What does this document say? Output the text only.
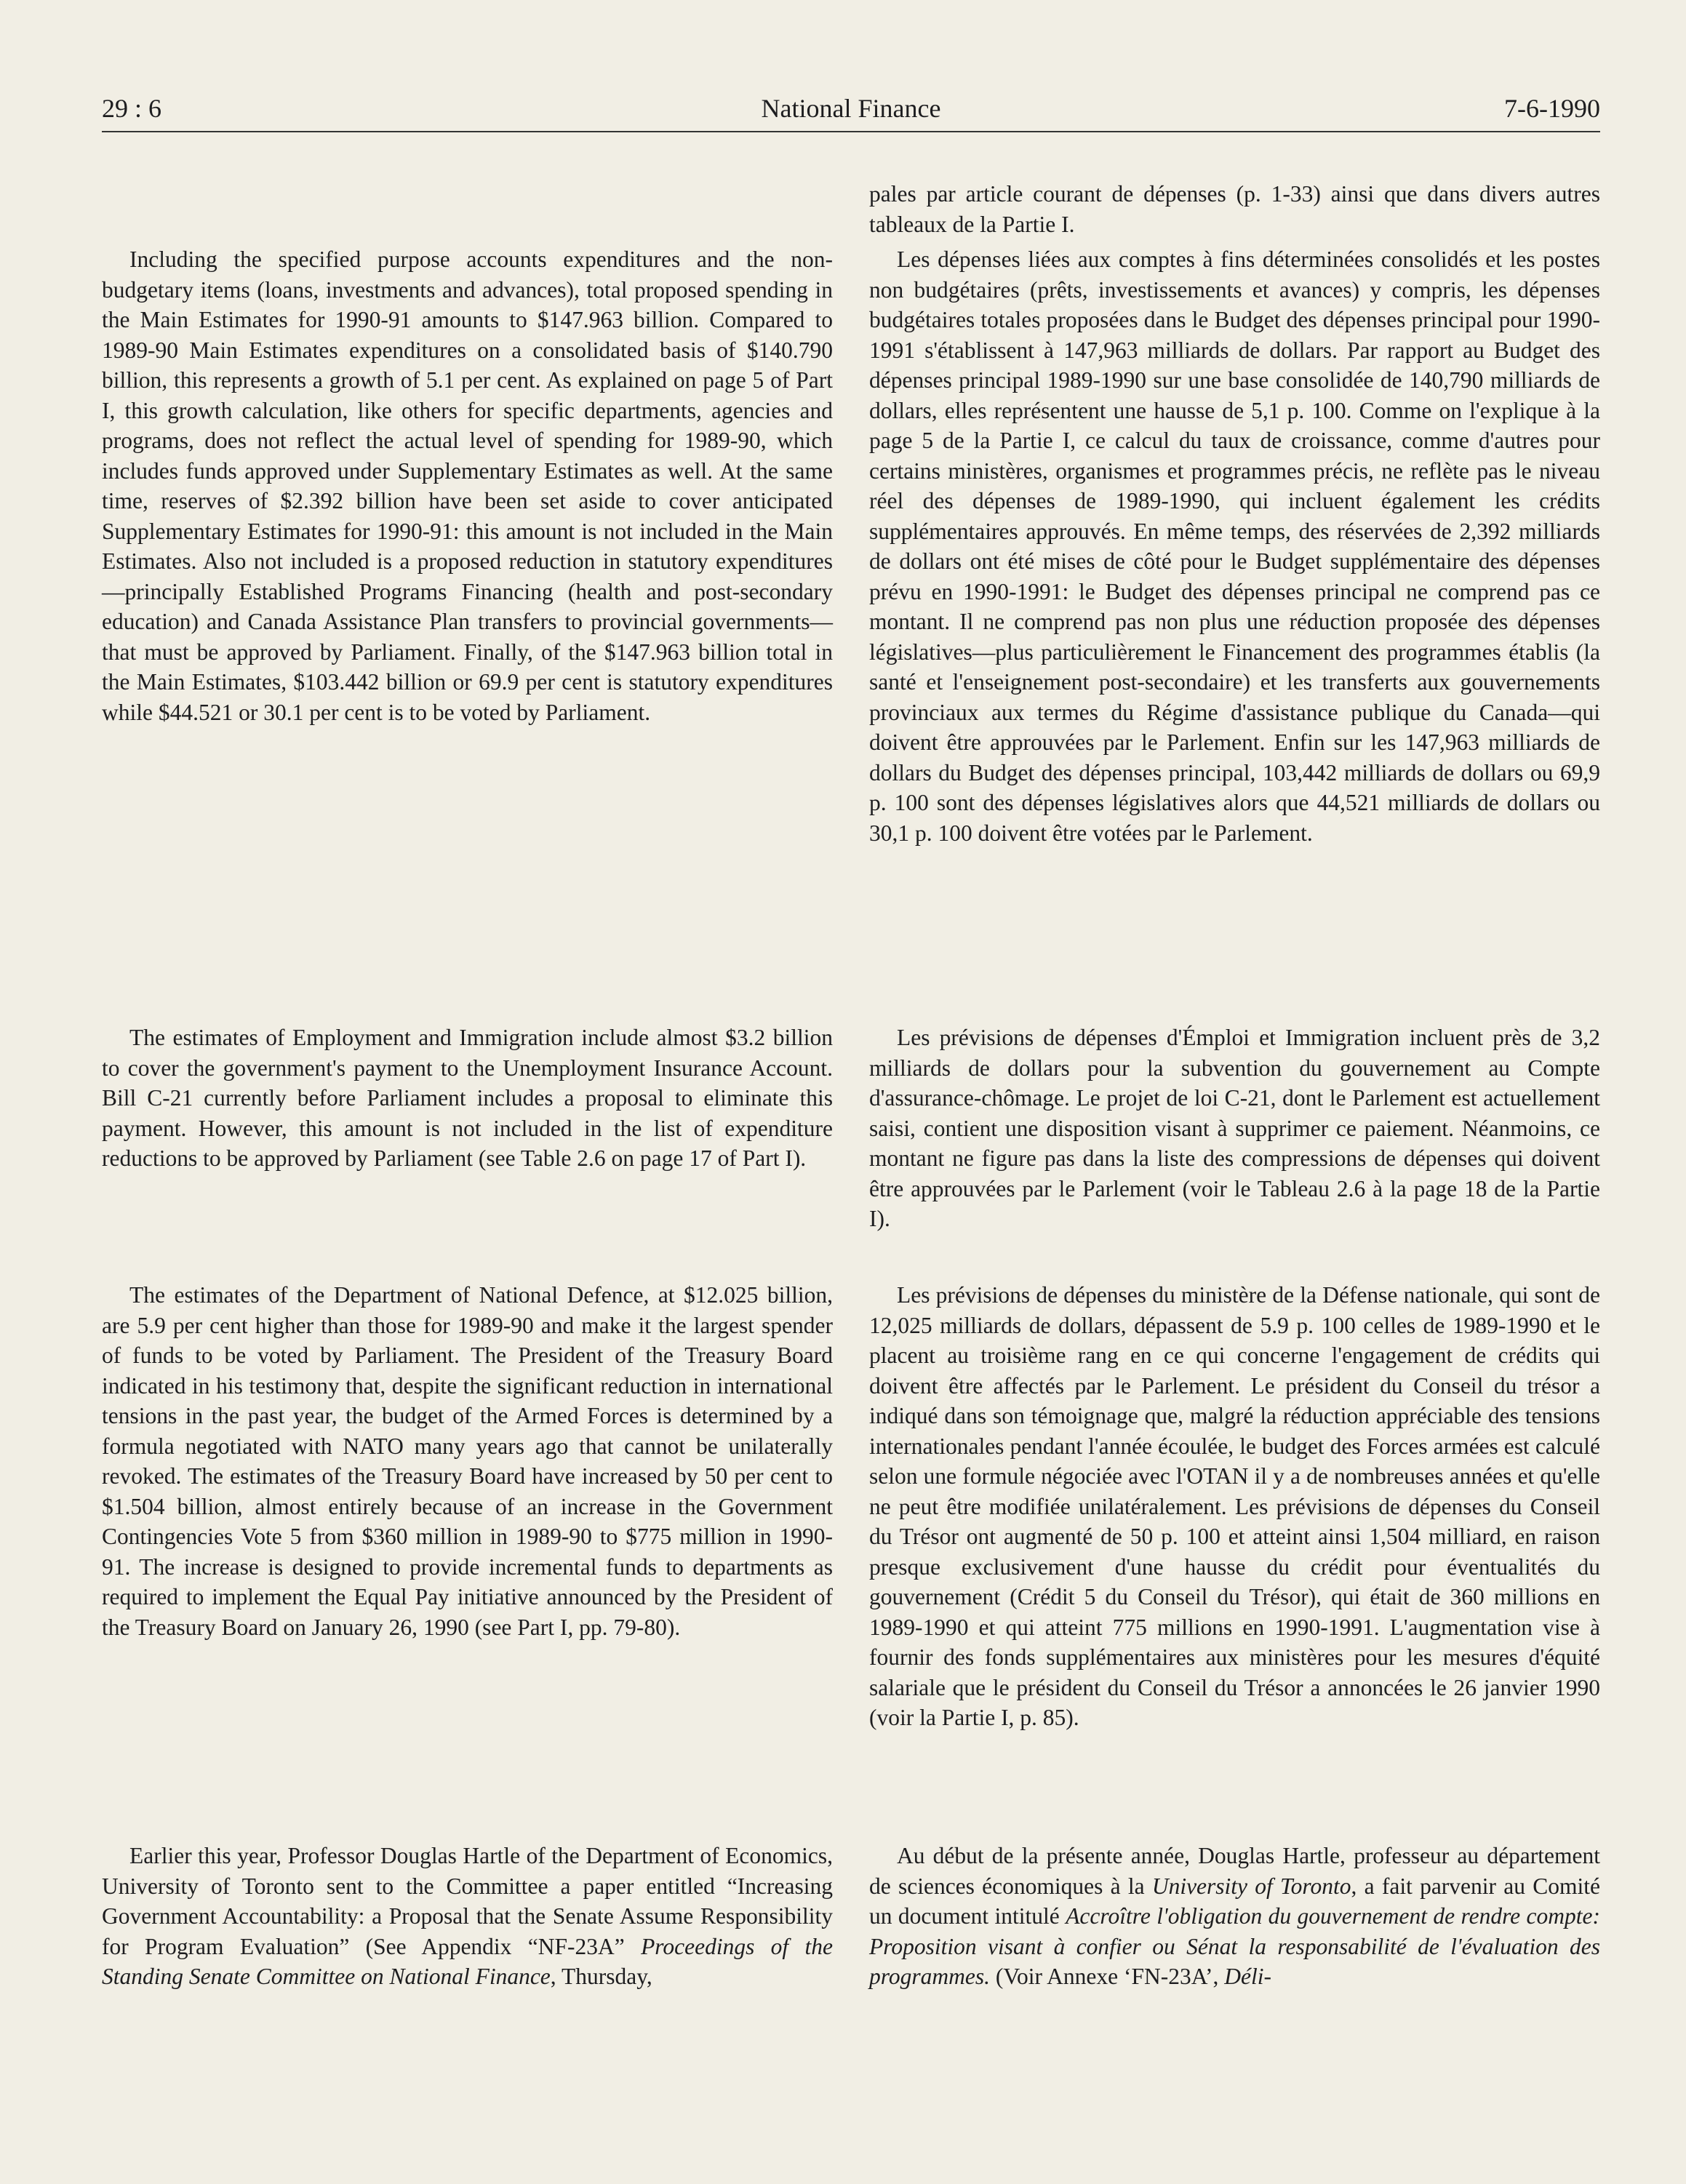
29 : 6	National Finance	7-6-1990

Including the specified purpose accounts expenditures and the non-budgetary items (loans, investments and advances), total proposed spending in the Main Estimates for 1990-91 amounts to $147.963 billion. Compared to 1989-90 Main Estimates expenditures on a consolidated basis of $140.790 billion, this represents a growth of 5.1 per cent. As explained on page 5 of Part I, this growth calculation, like others for specific departments, agencies and programs, does not reflect the actual level of spending for 1989-90, which includes funds approved under Supplementary Estimates as well. At the same time, reserves of $2.392 billion have been set aside to cover anticipated Supplementary Estimates for 1990-91: this amount is not included in the Main Estimates. Also not included is a proposed reduction in statutory expenditures—principally Established Programs Financing (health and post-secondary education) and Canada Assistance Plan transfers to provincial governments—that must be approved by Parliament. Finally, of the $147.963 billion total in the Main Estimates, $103.442 billion or 69.9 per cent is statutory expenditures while $44.521 or 30.1 per cent is to be voted by Parliament.

The estimates of Employment and Immigration include almost $3.2 billion to cover the government's payment to the Unemployment Insurance Account. Bill C-21 currently before Parliament includes a proposal to eliminate this payment. However, this amount is not included in the list of expenditure reductions to be approved by Parliament (see Table 2.6 on page 17 of Part I).

The estimates of the Department of National Defence, at $12.025 billion, are 5.9 per cent higher than those for 1989-90 and make it the largest spender of funds to be voted by Parliament. The President of the Treasury Board indicated in his testimony that, despite the significant reduction in international tensions in the past year, the budget of the Armed Forces is determined by a formula negotiated with NATO many years ago that cannot be unilaterally revoked. The estimates of the Treasury Board have increased by 50 per cent to $1.504 billion, almost entirely because of an increase in the Government Contingencies Vote 5 from $360 million in 1989-90 to $775 million in 1990-91. The increase is designed to provide incremental funds to departments as required to implement the Equal Pay initiative announced by the President of the Treasury Board on January 26, 1990 (see Part I, pp. 79-80).

Earlier this year, Professor Douglas Hartle of the Department of Economics, University of Toronto sent to the Committee a paper entitled “Increasing Government Accountability: a Proposal that the Senate Assume Responsibility for Program Evaluation” (See Appendix “NF-23A” Proceedings of the Standing Senate Committee on National Finance, Thursday,

pales par article courant de dépenses (p. 1-33) ainsi que dans divers autres tableaux de la Partie I.

Les dépenses liées aux comptes à fins déterminées consolidés et les postes non budgétaires (prêts, investissements et avances) y compris, les dépenses budgétaires totales proposées dans le Budget des dépenses principal pour 1990-1991 s'établissent à 147,963 milliards de dollars. Par rapport au Budget des dépenses principal 1989-1990 sur une base consolidée de 140,790 milliards de dollars, elles représentent une hausse de 5,1 p. 100. Comme on l'explique à la page 5 de la Partie I, ce calcul du taux de croissance, comme d'autres pour certains ministères, organismes et programmes précis, ne reflète pas le niveau réel des dépenses de 1989-1990, qui incluent également les crédits supplémentaires approuvés. En même temps, des réservées de 2,392 milliards de dollars ont été mises de côté pour le Budget supplémentaire des dépenses prévu en 1990-1991: le Budget des dépenses principal ne comprend pas ce montant. Il ne comprend pas non plus une réduction proposée des dépenses législatives—plus particulièrement le Financement des programmes établis (la santé et l'enseignement post-secondaire) et les transferts aux gouvernements provinciaux aux termes du Régime d'assistance publique du Canada—qui doivent être approuvées par le Parlement. Enfin sur les 147,963 milliards de dollars du Budget des dépenses principal, 103,442 milliards de dollars ou 69,9 p. 100 sont des dépenses législatives alors que 44,521 milliards de dollars ou 30,1 p. 100 doivent être votées par le Parlement.

Les prévisions de dépenses d'Émploi et Immigration incluent près de 3,2 milliards de dollars pour la subvention du gouvernement au Compte d'assurance-chômage. Le projet de loi C-21, dont le Parlement est actuellement saisi, contient une disposition visant à supprimer ce paiement. Néanmoins, ce montant ne figure pas dans la liste des compressions de dépenses qui doivent être approuvées par le Parlement (voir le Tableau 2.6 à la page 18 de la Partie I).

Les prévisions de dépenses du ministère de la Défense nationale, qui sont de 12,025 milliards de dollars, dépassent de 5.9 p. 100 celles de 1989-1990 et le placent au troisième rang en ce qui concerne l'engagement de crédits qui doivent être affectés par le Parlement. Le président du Conseil du trésor a indiqué dans son témoignage que, malgré la réduction appréciable des tensions internationales pendant l'année écoulée, le budget des Forces armées est calculé selon une formule négociée avec l'OTAN il y a de nombreuses années et qu'elle ne peut être modifiée unilatéralement. Les prévisions de dépenses du Conseil du Trésor ont augmenté de 50 p. 100 et atteint ainsi 1,504 milliard, en raison presque exclusivement d'une hausse du crédit pour éventualités du gouvernement (Crédit 5 du Conseil du Trésor), qui était de 360 millions en 1989-1990 et qui atteint 775 millions en 1990-1991. L'augmentation vise à fournir des fonds supplémentaires aux ministères pour les mesures d'équité salariale que le président du Conseil du Trésor a annoncées le 26 janvier 1990 (voir la Partie I, p. 85).

Au début de la présente année, Douglas Hartle, professeur au département de sciences économiques à la University of Toronto, a fait parvenir au Comité un document intitulé Accroître l'obligation du gouvernement de rendre compte: Proposition visant à confier ou Sénat la responsabilité de l'évaluation des programmes. (Voir Annexe ‘FN-23A’, Déli-
